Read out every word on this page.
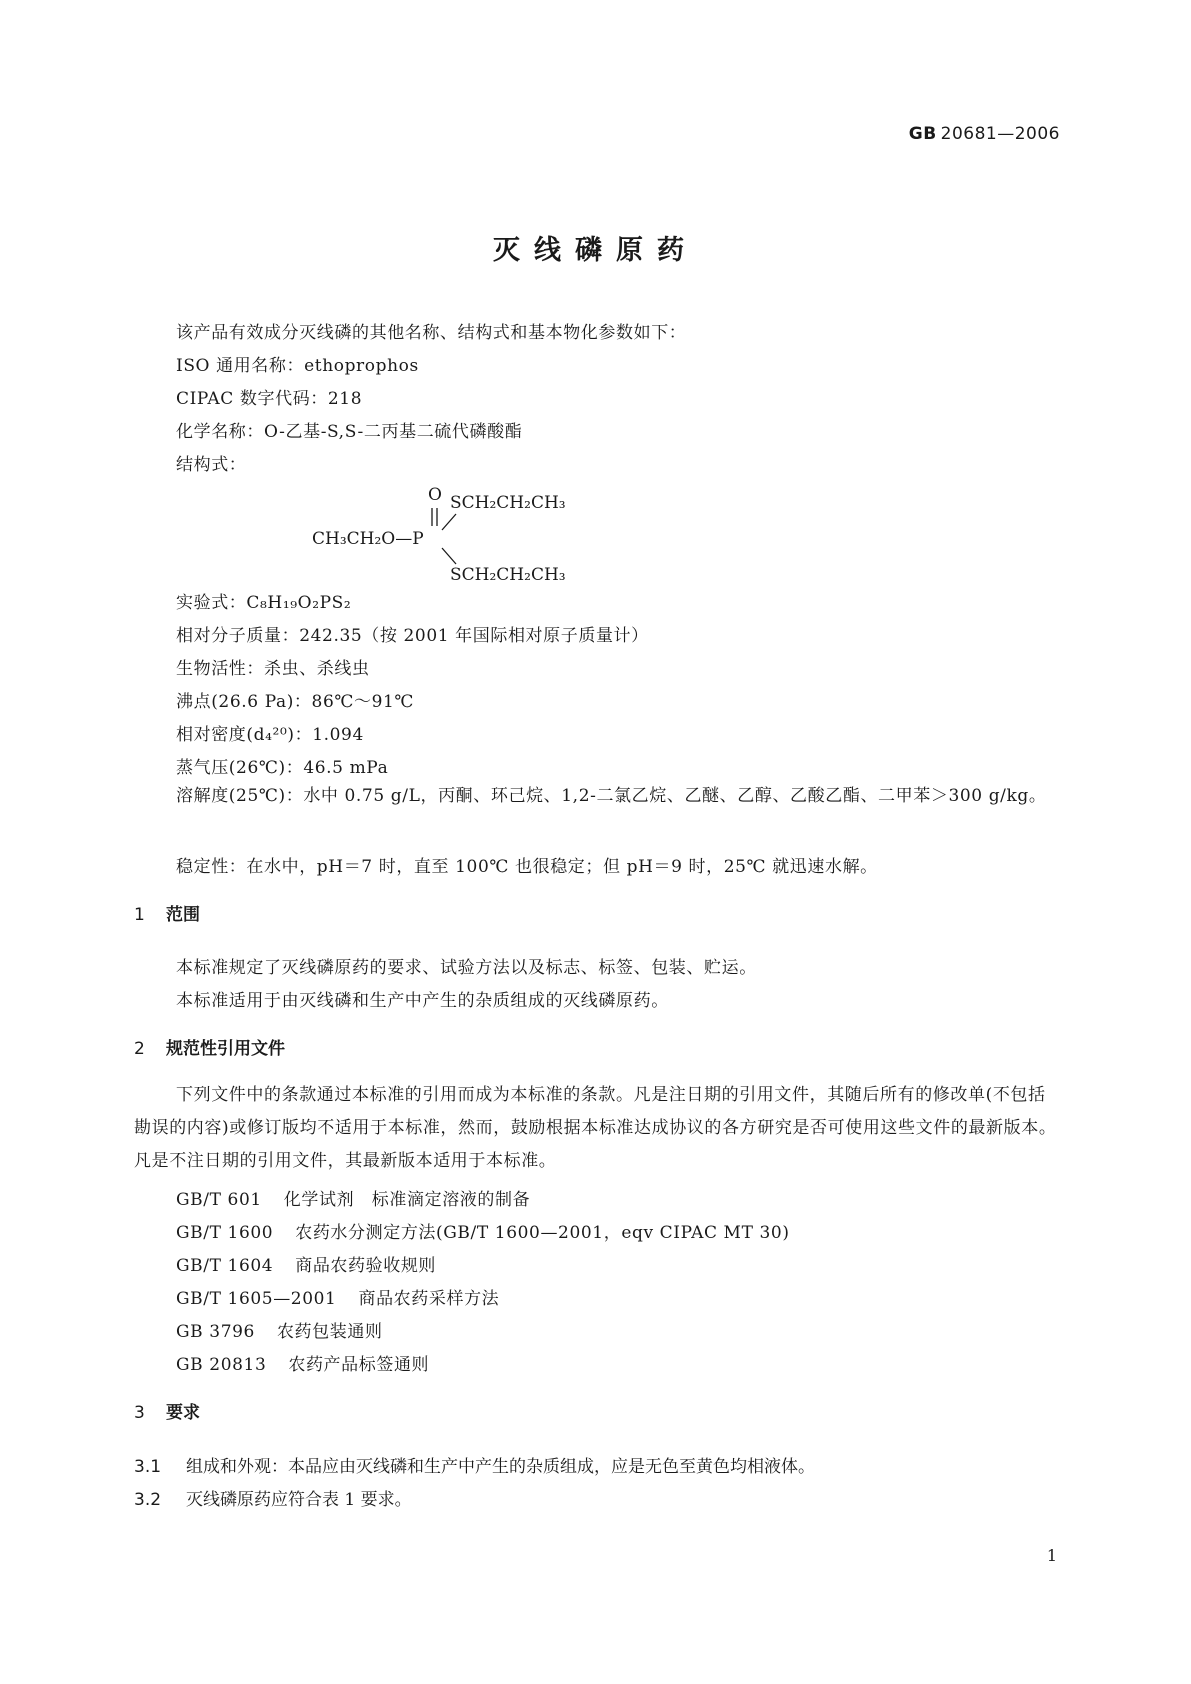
GB 20681—2006
灭线磷原药
该产品有效成分灭线磷的其他名称、结构式和基本物化参数如下：
ISO 通用名称：ethoprophos
CIPAC 数字代码：218
化学名称：O-乙基-S,S-二丙基二硫代磷酸酯
结构式：
O SCH₂CH₂CH₃
CH₃CH₂O—P
SCH₂CH₂CH₃
实验式：C₈H₁₉O₂PS₂
相对分子质量：242.35（按 2001 年国际相对原子质量计）
生物活性：杀虫、杀线虫
沸点(26.6 Pa)：86℃～91℃
相对密度(d₄²⁰)：1.094
蒸气压(26℃)：46.5 mPa
溶解度(25℃)：水中 0.75 g/L，丙酮、环己烷、1,2-二氯乙烷、乙醚、乙醇、乙酸乙酯、二甲苯＞300 g/kg。
稳定性：在水中，pH＝7 时，直至 100℃ 也很稳定；但 pH＝9 时，25℃ 就迅速水解。
1 范围
本标准规定了灭线磷原药的要求、试验方法以及标志、标签、包装、贮运。
本标准适用于由灭线磷和生产中产生的杂质组成的灭线磷原药。
2 规范性引用文件
下列文件中的条款通过本标准的引用而成为本标准的条款。凡是注日期的引用文件，其随后所有的修改单(不包括勘误的内容)或修订版均不适用于本标准，然而，鼓励根据本标准达成协议的各方研究是否可使用这些文件的最新版本。凡是不注日期的引用文件，其最新版本适用于本标准。
GB/T 601 化学试剂　标准滴定溶液的制备
GB/T 1600 农药水分测定方法(GB/T 1600—2001，eqv CIPAC MT 30)
GB/T 1604 商品农药验收规则
GB/T 1605—2001 商品农药采样方法
GB 3796 农药包装通则
GB 20813 农药产品标签通则
3 要求
3.1 组成和外观：本品应由灭线磷和生产中产生的杂质组成，应是无色至黄色均相液体。
3.2 灭线磷原药应符合表 1 要求。
1
